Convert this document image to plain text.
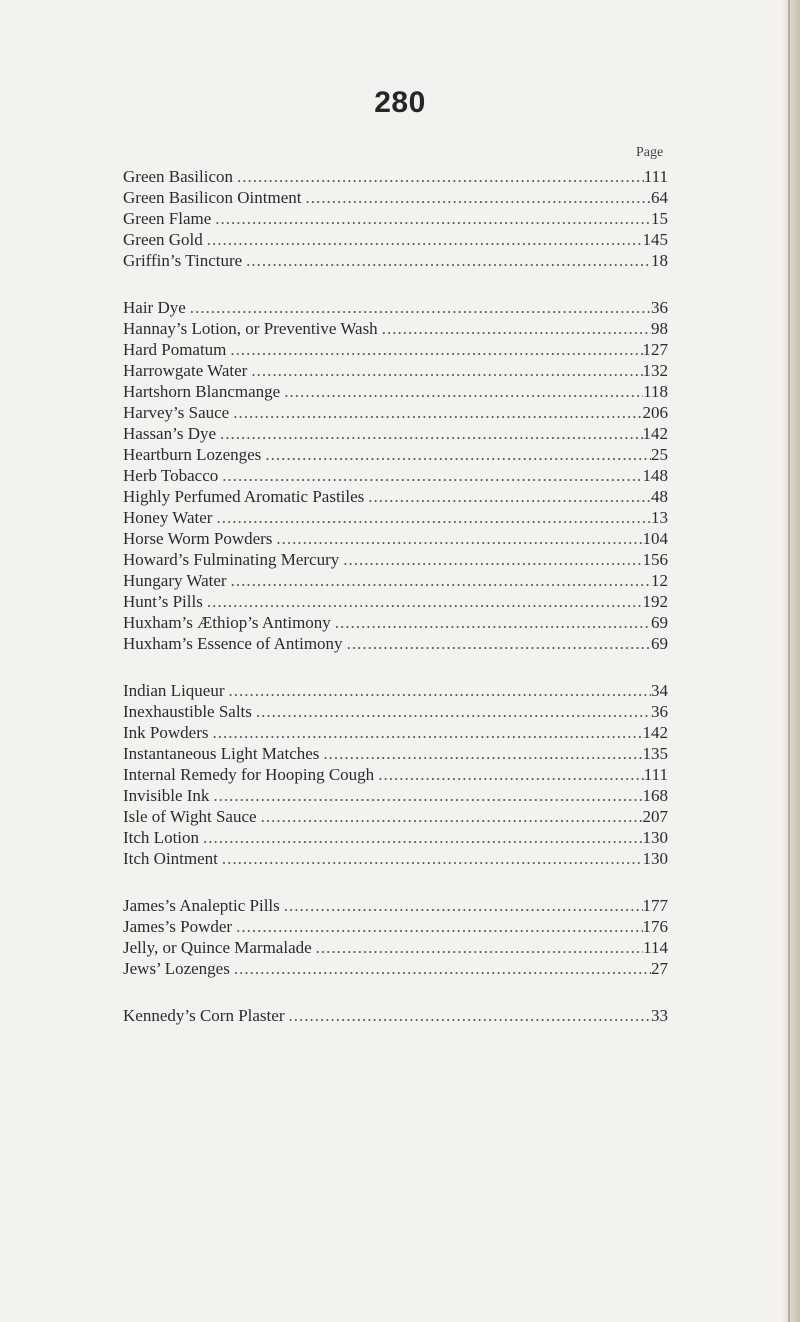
280
Page
Green Basilicon .....	111
Green Basilicon Ointment .....	64
Green Flame .....	15
Green Gold .....	145
Griffin’s Tincture .....	18
Hair Dye .....	36
Hannay’s Lotion, or Preventive Wash .....	98
Hard Pomatum .....	127
Harrowgate Water .....	132
Hartshorn Blancmange .....	118
Harvey’s Sauce .....	206
Hassan’s Dye .....	142
Heartburn Lozenges .....	25
Herb Tobacco .....	148
Highly Perfumed Aromatic Pastiles .....	48
Honey Water .....	13
Horse Worm Powders .....	104
Howard’s Fulminating Mercury .....	156
Hungary Water .....	12
Hunt’s Pills .....	192
Huxham’s Æthiop’s Antimony .....	69
Huxham’s Essence of Antimony .....	69
Indian Liqueur .....	34
Inexhaustible Salts .....	36
Ink Powders .....	142
Instantaneous Light Matches .....	135
Internal Remedy for Hooping Cough .....	111
Invisible Ink .....	168
Isle of Wight Sauce .....	207
Itch Lotion .....	130
Itch Ointment .....	130
James’s Analeptic Pills .....	177
James’s Powder .....	176
Jelly, or Quince Marmalade .....	114
Jews’ Lozenges .....	27
Kennedy’s Corn Plaster .....	33
